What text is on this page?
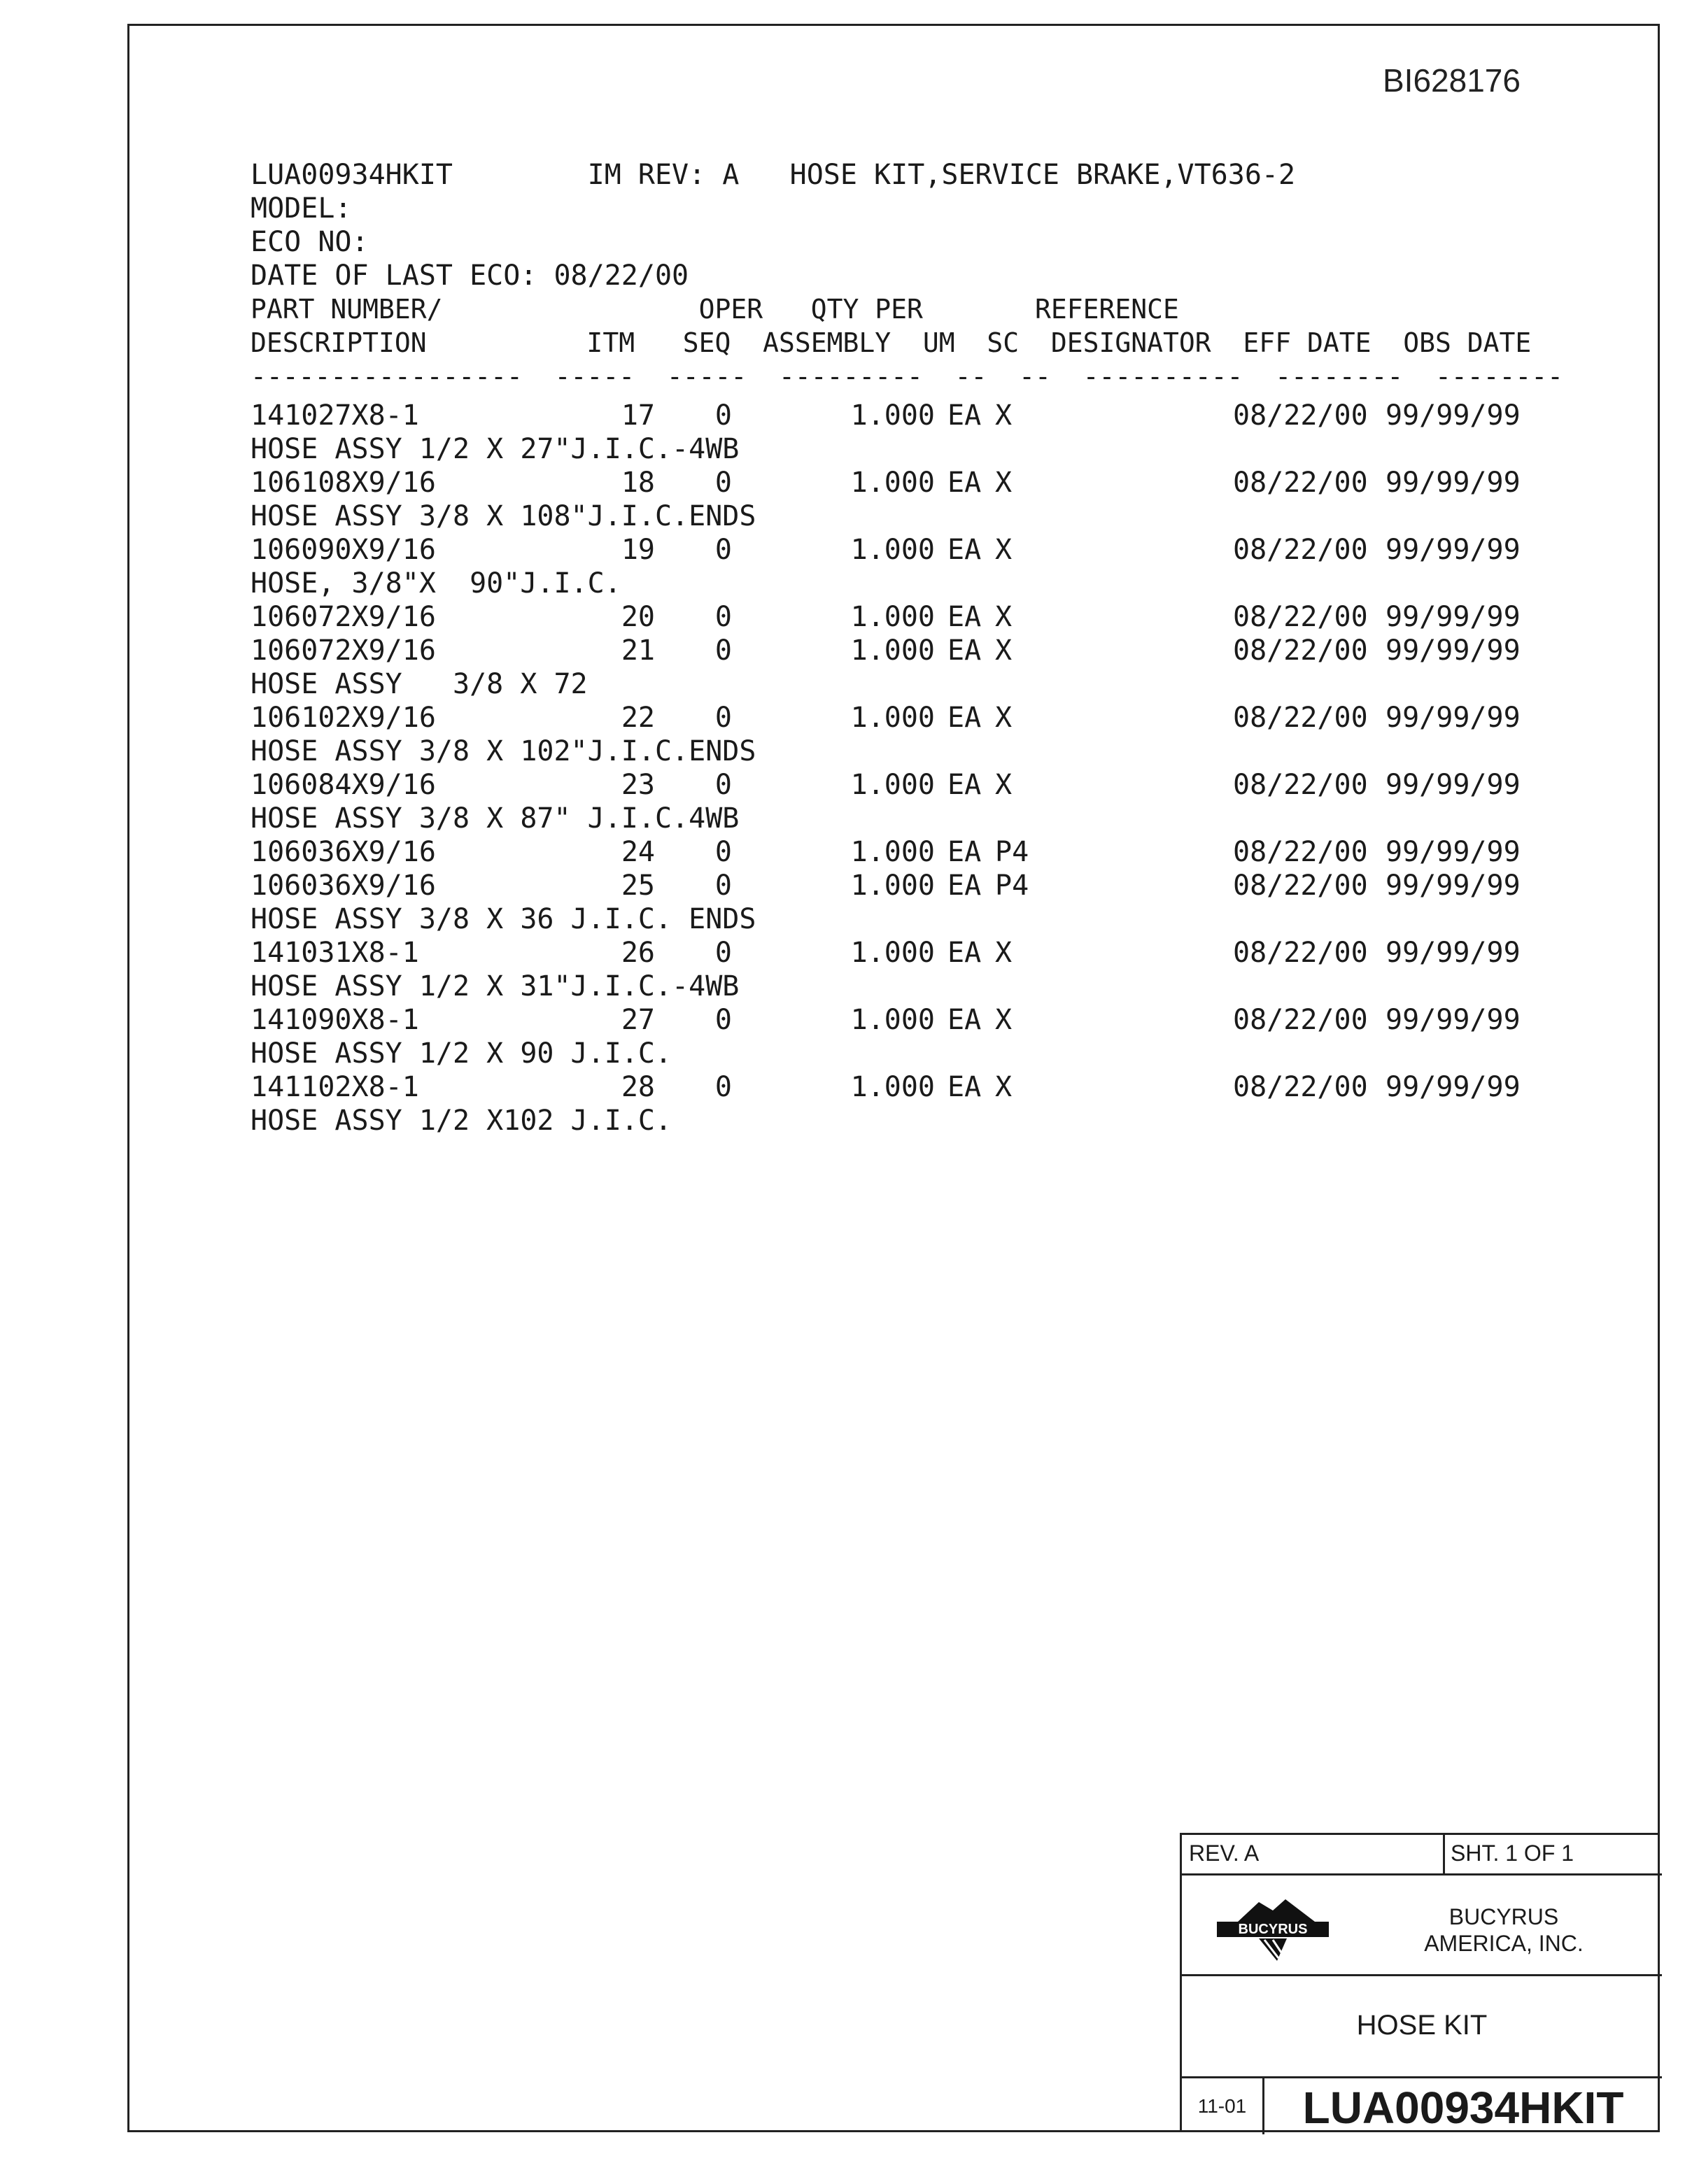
BI628176
LUA00934HKIT        IM REV: A   HOSE KIT,SERVICE BRAKE,VT636-2
MODEL:
ECO NO:
DATE OF LAST ECO: 08/22/00
PART NUMBER/                OPER   QTY PER       REFERENCE
DESCRIPTION          ITM   SEQ  ASSEMBLY  UM  SC  DESIGNATOR  EFF DATE  OBS DATE
-----------------  -----  -----  ---------  --  --  ----------  --------  --------
141027X8-1	17	0	1.000 EA X	08/22/00 99/99/99
HOSE ASSY 1/2 X 27"J.I.C.-4WB
106108X9/16	18	0	1.000 EA X	08/22/00 99/99/99
HOSE ASSY 3/8 X 108"J.I.C.ENDS
106090X9/16	19	0	1.000 EA X	08/22/00 99/99/99
HOSE, 3/8"X  90"J.I.C.
106072X9/16	20	0	1.000 EA X	08/22/00 99/99/99
106072X9/16	21	0	1.000 EA X	08/22/00 99/99/99
HOSE ASSY   3/8 X 72
106102X9/16	22	0	1.000 EA X	08/22/00 99/99/99
HOSE ASSY 3/8 X 102"J.I.C.ENDS
106084X9/16	23	0	1.000 EA X	08/22/00 99/99/99
HOSE ASSY 3/8 X 87" J.I.C.4WB
106036X9/16	24	0	1.000 EA P4	08/22/00 99/99/99
106036X9/16	25	0	1.000 EA P4	08/22/00 99/99/99
HOSE ASSY 3/8 X 36 J.I.C. ENDS
141031X8-1	26	0	1.000 EA X	08/22/00 99/99/99
HOSE ASSY 1/2 X 31"J.I.C.-4WB
141090X8-1	27	0	1.000 EA X	08/22/00 99/99/99
HOSE ASSY 1/2 X 90 J.I.C.
141102X8-1	28	0	1.000 EA X	08/22/00 99/99/99
HOSE ASSY 1/2 X102 J.I.C.
REV. A	SHT. 1 OF 1
BUCYRUS	BUCYRUS
AMERICA, INC.
HOSE KIT
11-01	LUA00934HKIT
